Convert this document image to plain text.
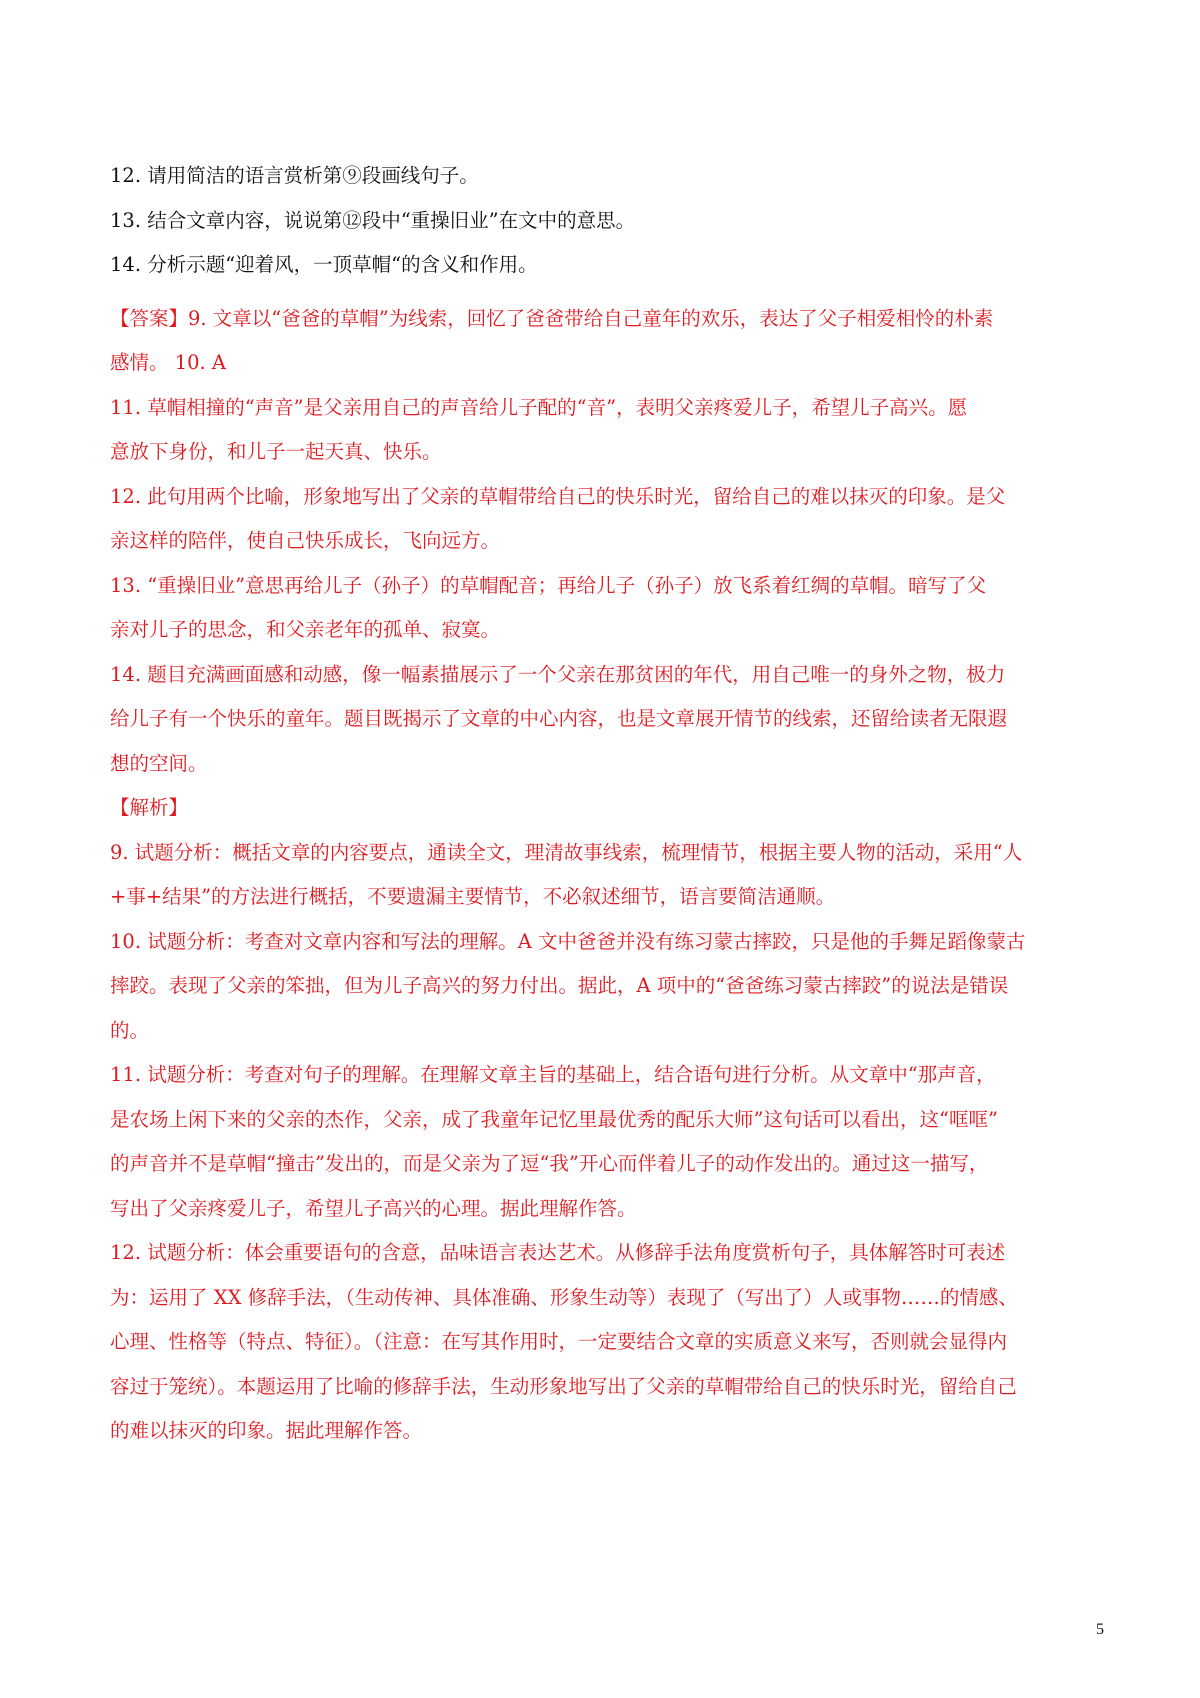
12. 请用简洁的语言赏析第⑨段画线句子。
13. 结合文章内容，说说第⑫段中“重操旧业”在文中的意思。
14. 分析示题“迎着风，一顶草帽“的含义和作用。
【答案】9. 文章以“爸爸的草帽”为线索，回忆了爸爸带给自己童年的欢乐，表达了父子相爱相怜的朴素
感情。 10. A
11. 草帽相撞的“声音”是父亲用自己的声音给儿子配的“音”，表明父亲疼爱儿子，希望儿子高兴。愿
意放下身份，和儿子一起天真、快乐。
12. 此句用两个比喻，形象地写出了父亲的草帽带给自己的快乐时光，留给自己的难以抹灭的印象。是父
亲这样的陪伴，使自己快乐成长，飞向远方。
13. “重操旧业”意思再给儿子（孙子）的草帽配音；再给儿子（孙子）放飞系着红绸的草帽。暗写了父
亲对儿子的思念，和父亲老年的孤单、寂寞。
14. 题目充满画面感和动感，像一幅素描展示了一个父亲在那贫困的年代，用自己唯一的身外之物，极力
给儿子有一个快乐的童年。题目既揭示了文章的中心内容，也是文章展开情节的线索，还留给读者无限遐
想的空间。
【解析】
9. 试题分析：概括文章的内容要点，通读全文，理清故事线索，梳理情节，根据主要人物的活动，采用“人
+事+结果”的方法进行概括，不要遗漏主要情节，不必叙述细节，语言要简洁通顺。
10. 试题分析：考查对文章内容和写法的理解。A 文中爸爸并没有练习蒙古摔跤，只是他的手舞足蹈像蒙古
摔跤。表现了父亲的笨拙，但为儿子高兴的努力付出。据此，A 项中的“爸爸练习蒙古摔跤”的说法是错误
的。
11. 试题分析：考查对句子的理解。在理解文章主旨的基础上，结合语句进行分析。从文章中“那声音，
是农场上闲下来的父亲的杰作，父亲，成了我童年记忆里最优秀的配乐大师”这句话可以看出，这“哐哐”
的声音并不是草帽“撞击”发出的，而是父亲为了逗“我”开心而伴着儿子的动作发出的。通过这一描写，
写出了父亲疼爱儿子，希望儿子高兴的心理。据此理解作答。
12. 试题分析：体会重要语句的含意，品味语言表达艺术。从修辞手法角度赏析句子，具体解答时可表述
为：运用了 XX 修辞手法，（生动传神、具体准确、形象生动等）表现了（写出了）人或事物……的情感、
心理、性格等（特点、特征）。（注意：在写其作用时，一定要结合文章的实质意义来写，否则就会显得内
容过于笼统）。本题运用了比喻的修辞手法，生动形象地写出了父亲的草帽带给自己的快乐时光，留给自己
的难以抹灭的印象。据此理解作答。
5
